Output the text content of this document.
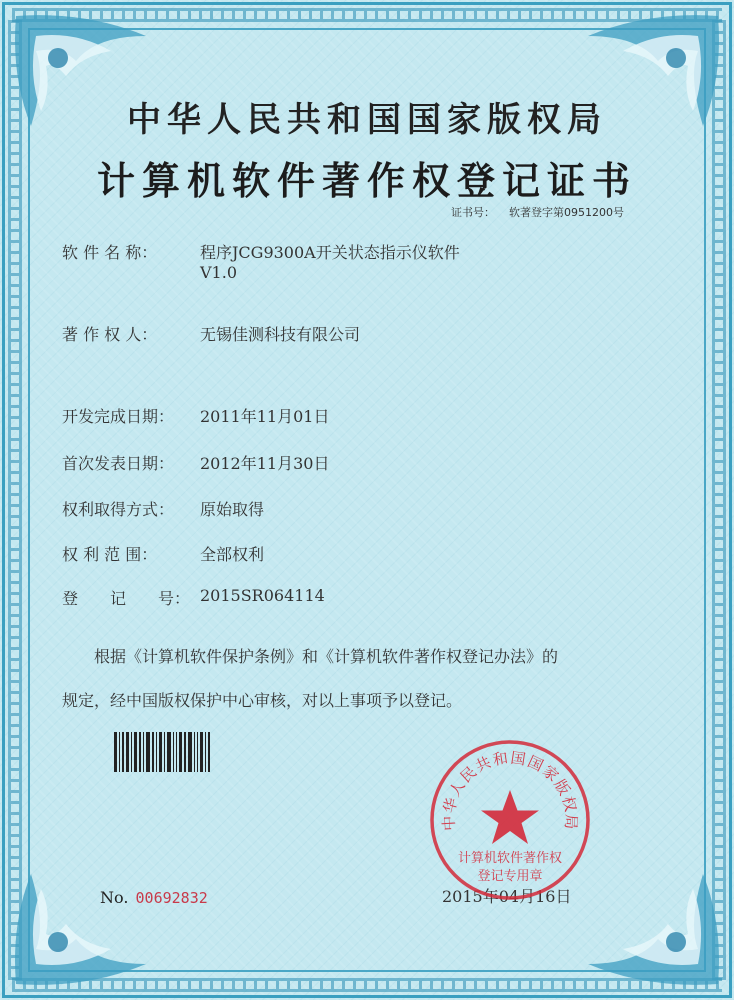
中华人民共和国国家版权局
计算机软件著作权登记证书
证书号： 软著登字第0951200号
软 件 名 称：	程序JCG9300A开关状态指示仪软件
V1.0
著 作 权 人：	无锡佳测科技有限公司
开发完成日期： 2011年11月01日
首次发表日期： 2012年11月30日
权利取得方式： 原始取得
权 利 范 围：	全部权利
登　　记　　号： 2015SR064114
根据《计算机软件保护条例》和《计算机软件著作权登记办法》的
规定，经中国版权保护中心审核，对以上事项予以登记。
No. 00692832	2015年04月16日
中华人民共和国国家版权局
计算机软件著作权
登记专用章
